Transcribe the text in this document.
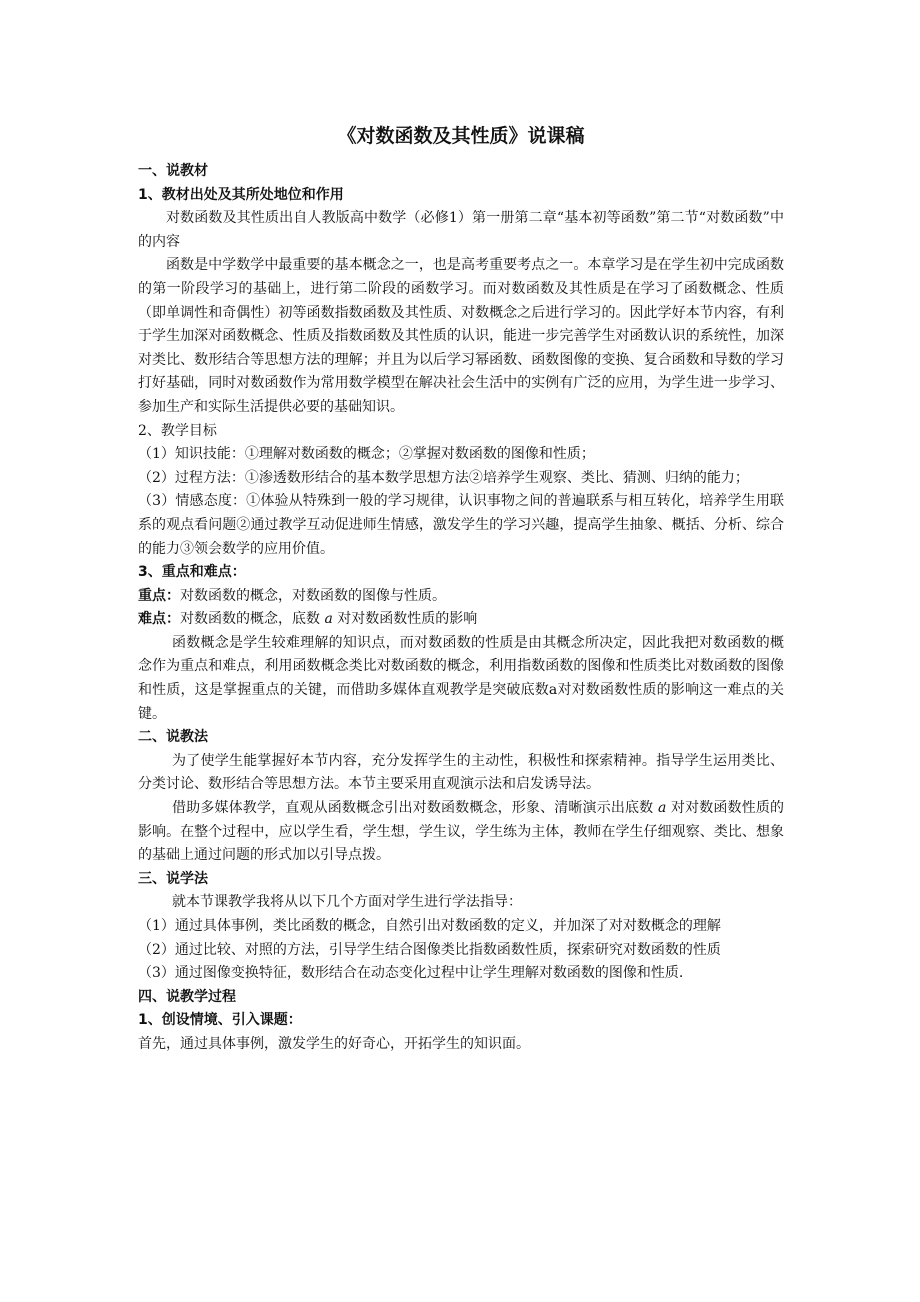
《对数函数及其性质》说课稿

一、说教材

1、教材出处及其所处地位和作用

对数函数及其性质出自人教版高中数学（必修1）第一册第二章“基本初等函数”第二节“对数函数”中的内容

函数是中学数学中最重要的基本概念之一，也是高考重要考点之一。本章学习是在学生初中完成函数的第一阶段学习的基础上，进行第二阶段的函数学习。而对数函数及其性质是在学习了函数概念、性质（即单调性和奇偶性）初等函数指数函数及其性质、对数概念之后进行学习的。因此学好本节内容，有利于学生加深对函数概念、性质及指数函数及其性质的认识，能进一步完善学生对函数认识的系统性，加深对类比、数形结合等思想方法的理解；并且为以后学习幂函数、函数图像的变换、复合函数和导数的学习打好基础，同时对数函数作为常用数学模型在解决社会生活中的实例有广泛的应用，为学生进一步学习、参加生产和实际生活提供必要的基础知识。

2、教学目标

（1）知识技能：①理解对数函数的概念；②掌握对数函数的图像和性质；

（2）过程方法：①渗透数形结合的基本数学思想方法②培养学生观察、类比、猜测、归纳的能力；

（3）情感态度：①体验从特殊到一般的学习规律，认识事物之间的普遍联系与相互转化，培养学生用联系的观点看问题②通过教学互动促进师生情感，激发学生的学习兴趣，提高学生抽象、概括、分析、综合的能力③领会数学的应用价值。

3、重点和难点：

重点：对数函数的概念，对数函数的图像与性质。

难点：对数函数的概念，底数 a 对对数函数性质的影响

函数概念是学生较难理解的知识点，而对数函数的性质是由其概念所决定，因此我把对数函数的概念作为重点和难点，利用函数概念类比对数函数的概念，利用指数函数的图像和性质类比对数函数的图像和性质，这是掌握重点的关键，而借助多媒体直观教学是突破底数a对对数函数性质的影响这一难点的关键。

二、说教法

为了使学生能掌握好本节内容，充分发挥学生的主动性，积极性和探索精神。指导学生运用类比、分类讨论、数形结合等思想方法。本节主要采用直观演示法和启发诱导法。

借助多媒体教学，直观从函数概念引出对数函数概念，形象、清晰演示出底数 a 对对数函数性质的影响。在整个过程中，应以学生看，学生想，学生议，学生练为主体，教师在学生仔细观察、类比、想象的基础上通过问题的形式加以引导点拨。

三、说学法

就本节课教学我将从以下几个方面对学生进行学法指导：

（1）通过具体事例，类比函数的概念，自然引出对数函数的定义，并加深了对对数概念的理解

（2）通过比较、对照的方法，引导学生结合图像类比指数函数性质，探索研究对数函数的性质

（3）通过图像变换特征，数形结合在动态变化过程中让学生理解对数函数的图像和性质.

四、说教学过程

1、创设情境、引入课题：

首先，通过具体事例，激发学生的好奇心，开拓学生的知识面。
